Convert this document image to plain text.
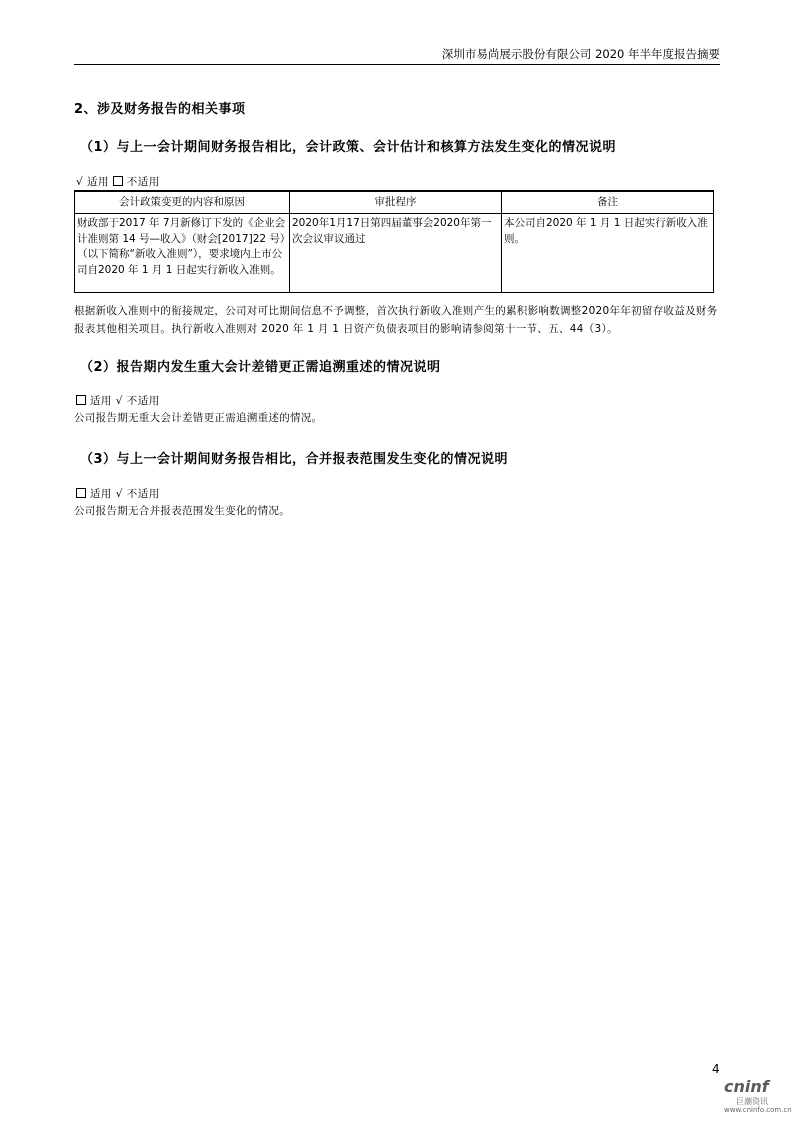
深圳市易尚展示股份有限公司 2020 年半年度报告摘要
2、涉及财务报告的相关事项
（1）与上一会计期间财务报告相比，会计政策、会计估计和核算方法发生变化的情况说明
√ 适用 不适用
会计政策变更的内容和原因	审批程序	备注
财政部于2017 年 7月新修订下发的《企业会计准则第 14 号—收入》（财会[2017]22 号）（以下简称“新收入准则”），要求境内上市公司自2020 年 1 月 1 日起实行新收入准则。	2020年1月17日第四届董事会2020年第一次会议审议通过	本公司自2020 年 1 月 1 日起实行新收入准则。
根据新收入准则中的衔接规定，公司对可比期间信息不予调整，首次执行新收入准则产生的累积影响数调整2020年年初留存收益及财务报表其他相关项目。执行新收入准则对 2020 年 1 月 1 日资产负债表项目的影响请参阅第十一节、五、44（3）。
（2）报告期内发生重大会计差错更正需追溯重述的情况说明
适用 √ 不适用
公司报告期无重大会计差错更正需追溯重述的情况。
（3）与上一会计期间财务报告相比，合并报表范围发生变化的情况说明
适用 √ 不适用
公司报告期无合并报表范围发生变化的情况。
4
cninf
巨潮资讯
www.cninfo.com.cn
